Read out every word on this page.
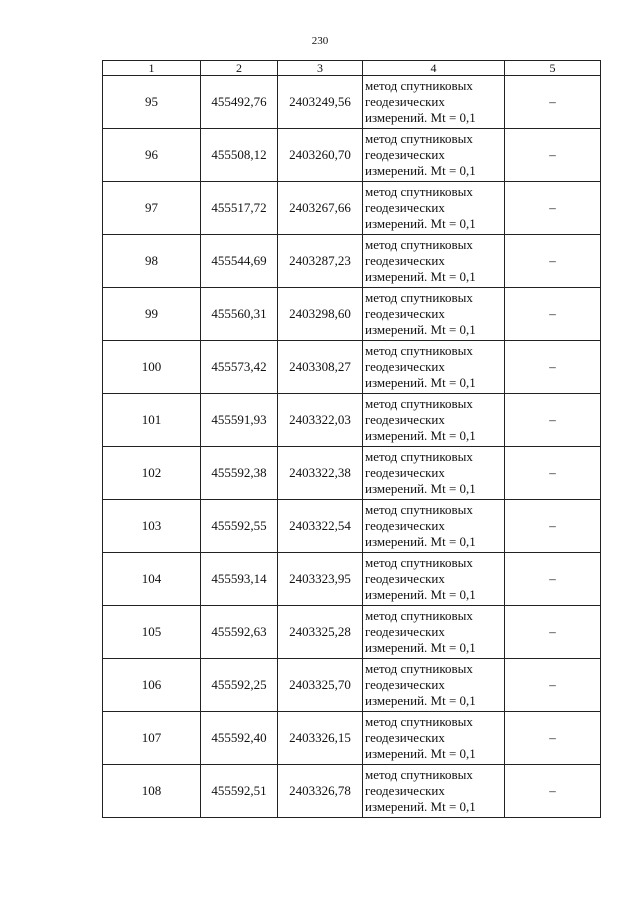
230
1	2	3	4	5
95	455492,76	2403249,56	метод спутниковых
геодезических
измерений. Mt = 0,1	–
96	455508,12	2403260,70	метод спутниковых
геодезических
измерений. Mt = 0,1	–
97	455517,72	2403267,66	метод спутниковых
геодезических
измерений. Mt = 0,1	–
98	455544,69	2403287,23	метод спутниковых
геодезических
измерений. Mt = 0,1	–
99	455560,31	2403298,60	метод спутниковых
геодезических
измерений. Mt = 0,1	–
100	455573,42	2403308,27	метод спутниковых
геодезических
измерений. Mt = 0,1	–
101	455591,93	2403322,03	метод спутниковых
геодезических
измерений. Mt = 0,1	–
102	455592,38	2403322,38	метод спутниковых
геодезических
измерений. Mt = 0,1	–
103	455592,55	2403322,54	метод спутниковых
геодезических
измерений. Mt = 0,1	–
104	455593,14	2403323,95	метод спутниковых
геодезических
измерений. Mt = 0,1	–
105	455592,63	2403325,28	метод спутниковых
геодезических
измерений. Mt = 0,1	–
106	455592,25	2403325,70	метод спутниковых
геодезических
измерений. Mt = 0,1	–
107	455592,40	2403326,15	метод спутниковых
геодезических
измерений. Mt = 0,1	–
108	455592,51	2403326,78	метод спутниковых
геодезических
измерений. Mt = 0,1	–
